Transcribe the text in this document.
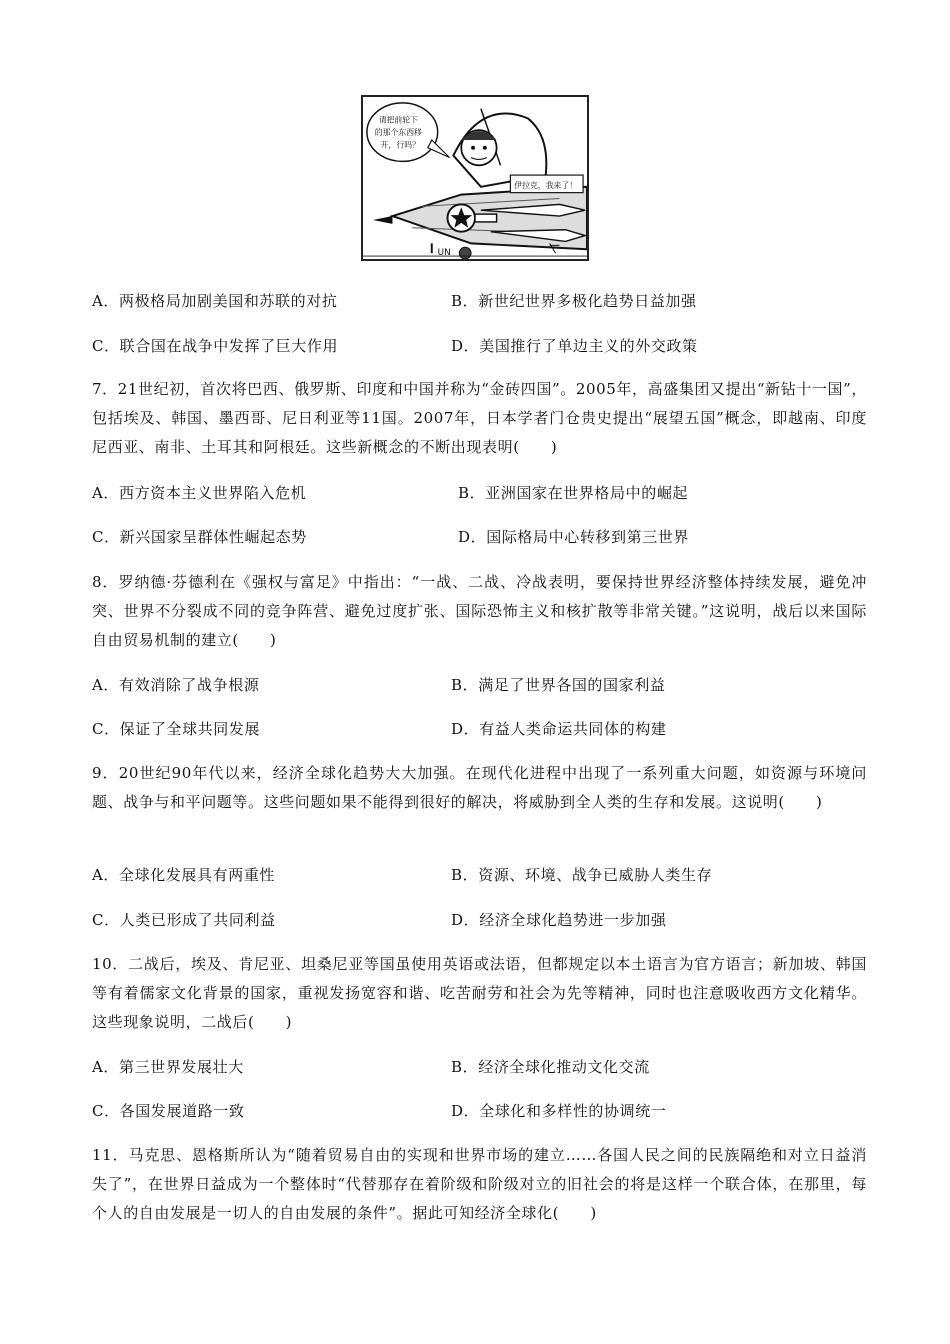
请把前轮下
的那个东西移
开，行吗？
伊拉克，我来了！
UN
A．两极格局加剧美国和苏联的对抗	B．新世纪世界多极化趋势日益加强
C．联合国在战争中发挥了巨大作用	D．美国推行了单边主义的外交政策

7．21世纪初，首次将巴西、俄罗斯、印度和中国并称为“金砖四国”。2005年，高盛集团又提出“新钻十一国”，包括埃及、韩国、墨西哥、尼日利亚等11国。2007年，日本学者门仓贵史提出“展望五国”概念，即越南、印度尼西亚、南非、土耳其和阿根廷。这些新概念的不断出现表明(　　)

A．西方资本主义世界陷入危机	B．亚洲国家在世界格局中的崛起
C．新兴国家呈群体性崛起态势	D．国际格局中心转移到第三世界

8．罗纳德·芬德利在《强权与富足》中指出：“一战、二战、冷战表明，要保持世界经济整体持续发展，避免冲突、世界不分裂成不同的竞争阵营、避免过度扩张、国际恐怖主义和核扩散等非常关键。”这说明，战后以来国际自由贸易机制的建立(　　)

A．有效消除了战争根源	B．满足了世界各国的国家利益
C．保证了全球共同发展	D．有益人类命运共同体的构建

9．20世纪90年代以来，经济全球化趋势大大加强。在现代化进程中出现了一系列重大问题，如资源与环境问题、战争与和平问题等。这些问题如果不能得到很好的解决，将威胁到全人类的生存和发展。这说明(　　)

A．全球化发展具有两重性	B．资源、环境、战争已威胁人类生存
C．人类已形成了共同利益	D．经济全球化趋势进一步加强

10．二战后，埃及、肯尼亚、坦桑尼亚等国虽使用英语或法语，但都规定以本土语言为官方语言；新加坡、韩国等有着儒家文化背景的国家，重视发扬宽容和谐、吃苦耐劳和社会为先等精神，同时也注意吸收西方文化精华。这些现象说明，二战后(　　)

A．第三世界发展壮大	B．经济全球化推动文化交流
C．各国发展道路一致	D．全球化和多样性的协调统一

11．马克思、恩格斯所认为“随着贸易自由的实现和世界市场的建立……各国人民之间的民族隔绝和对立日益消失了”，在世界日益成为一个整体时“代替那存在着阶级和阶级对立的旧社会的将是这样一个联合体，在那里，每个人的自由发展是一切人的自由发展的条件”。据此可知经济全球化(　　)
